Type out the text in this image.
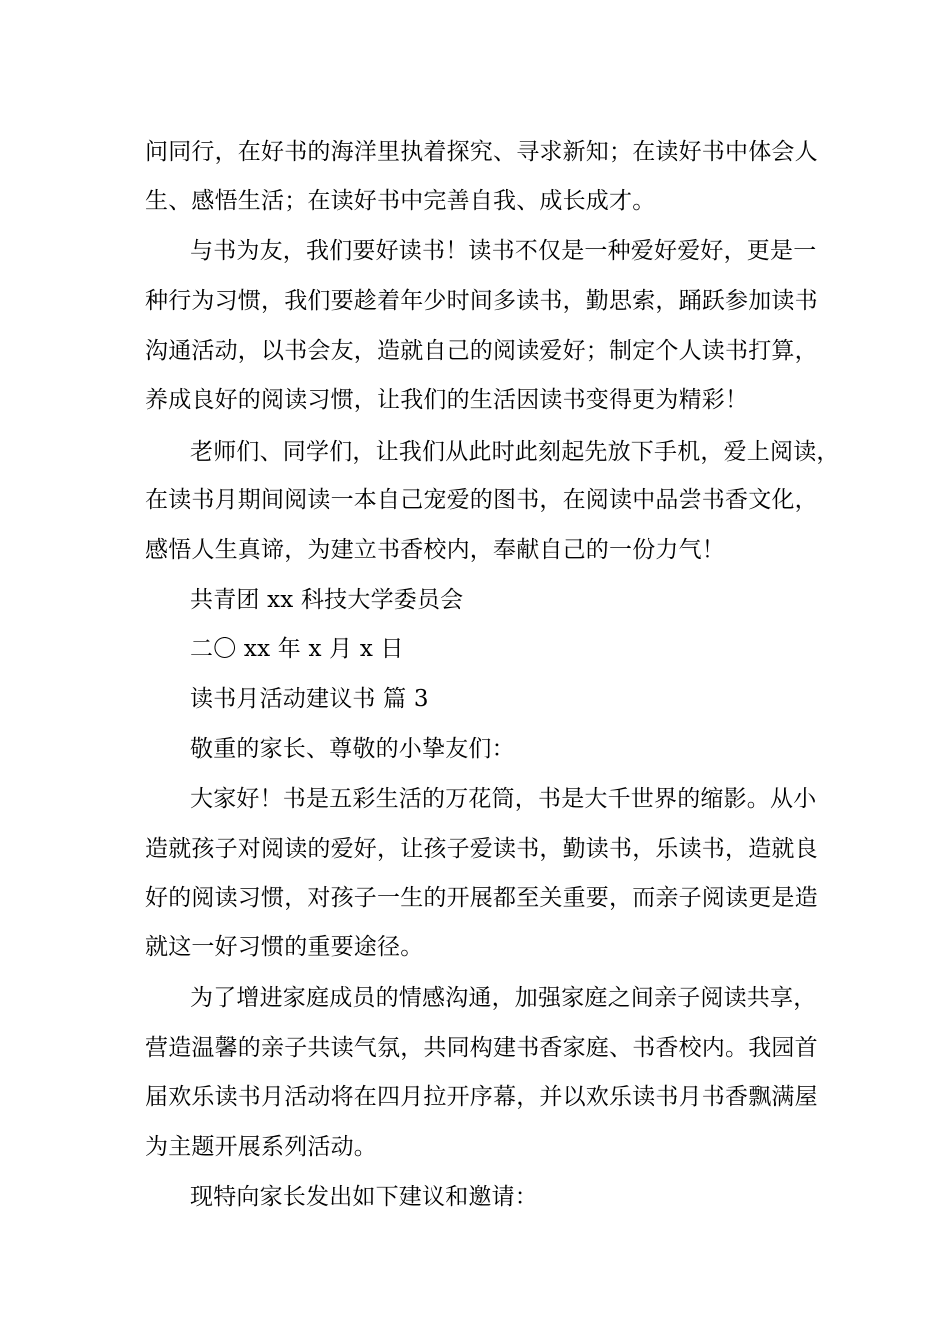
问同行，在好书的海洋里执着探究、寻求新知；在读好书中体会人
生、感悟生活；在读好书中完善自我、成长成才。
与书为友，我们要好读书！读书不仅是一种爱好爱好，更是一
种行为习惯，我们要趁着年少时间多读书，勤思索，踊跃参加读书
沟通活动，以书会友，造就自己的阅读爱好；制定个人读书打算，
养成良好的阅读习惯，让我们的生活因读书变得更为精彩！
老师们、同学们，让我们从此时此刻起先放下手机，爱上阅读，
在读书月期间阅读一本自己宠爱的图书，在阅读中品尝书香文化，
感悟人生真谛，为建立书香校内，奉献自己的一份力气！
共青团 xx 科技大学委员会
二〇 xx 年 x 月 x 日
读书月活动建议书 篇 3
敬重的家长、尊敬的小挚友们：
大家好！书是五彩生活的万花筒，书是大千世界的缩影。从小
造就孩子对阅读的爱好，让孩子爱读书，勤读书，乐读书，造就良
好的阅读习惯，对孩子一生的开展都至关重要，而亲子阅读更是造
就这一好习惯的重要途径。
为了增进家庭成员的情感沟通，加强家庭之间亲子阅读共享，
营造温馨的亲子共读气氛，共同构建书香家庭、书香校内。我园首
届欢乐读书月活动将在四月拉开序幕，并以欢乐读书月书香飘满屋
为主题开展系列活动。
现特向家长发出如下建议和邀请：
